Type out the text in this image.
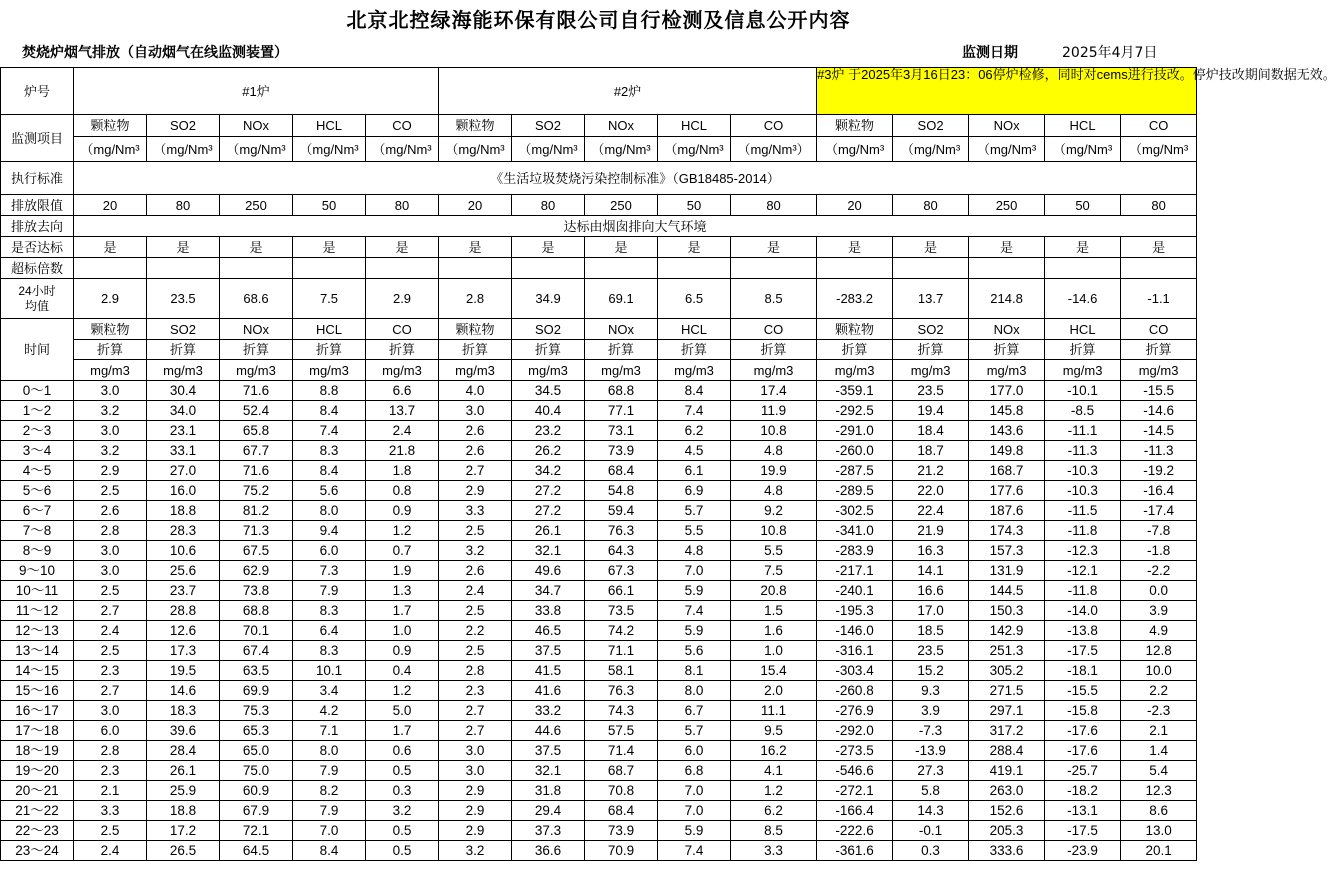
北京北控绿海能环保有限公司自行检测及信息公开内容
焚烧炉烟气排放（自动烟气在线监测装置）	监测日期	2025年4月7日
炉号	#1炉					#2炉					#3炉 于2025年3月16日23：06停炉检修，同时对cems进行技改。停炉技改期间数据无效。				
监测项目	颗粒物	SO2	NOx	HCL	CO	颗粒物	SO2	NOx	HCL	CO	颗粒物	SO2	NOx	HCL	CO
	（mg/Nm³	（mg/Nm³	（mg/Nm³	（mg/Nm³	（mg/Nm³	（mg/Nm³	（mg/Nm³	（mg/Nm³	（mg/Nm³	（mg/Nm³）	（mg/Nm³	（mg/Nm³	（mg/Nm³	（mg/Nm³	（mg/Nm³
执行标准	《生活垃圾焚烧污染控制标准》（GB18485-2014）														
排放限值	20	80	250	50	80	20	80	250	50	80	20	80	250	50	80
排放去向	达标由烟囱排向大气环境														
是否达标	是	是	是	是	是	是	是	是	是	是	是	是	是	是	是
超标倍数															
24小时
均值	2.9	23.5	68.6	7.5	2.9	2.8	34.9	69.1	6.5	8.5	-283.2	13.7	214.8	-14.6	-1.1
时间	颗粒物	SO2	NOx	HCL	CO	颗粒物	SO2	NOx	HCL	CO	颗粒物	SO2	NOx	HCL	CO
	折算	折算	折算	折算	折算	折算	折算	折算	折算	折算	折算	折算	折算	折算	折算
	mg/m3	mg/m3	mg/m3	mg/m3	mg/m3	mg/m3	mg/m3	mg/m3	mg/m3	mg/m3	mg/m3	mg/m3	mg/m3	mg/m3	mg/m3
0～1	3.0	30.4	71.6	8.8	6.6	4.0	34.5	68.8	8.4	17.4	-359.1	23.5	177.0	-10.1	-15.5
1～2	3.2	34.0	52.4	8.4	13.7	3.0	40.4	77.1	7.4	11.9	-292.5	19.4	145.8	-8.5	-14.6
2～3	3.0	23.1	65.8	7.4	2.4	2.6	23.2	73.1	6.2	10.8	-291.0	18.4	143.6	-11.1	-14.5
3～4	3.2	33.1	67.7	8.3	21.8	2.6	26.2	73.9	4.5	4.8	-260.0	18.7	149.8	-11.3	-11.3
4～5	2.9	27.0	71.6	8.4	1.8	2.7	34.2	68.4	6.1	19.9	-287.5	21.2	168.7	-10.3	-19.2
5～6	2.5	16.0	75.2	5.6	0.8	2.9	27.2	54.8	6.9	4.8	-289.5	22.0	177.6	-10.3	-16.4
6～7	2.6	18.8	81.2	8.0	0.9	3.3	27.2	59.4	5.7	9.2	-302.5	22.4	187.6	-11.5	-17.4
7～8	2.8	28.3	71.3	9.4	1.2	2.5	26.1	76.3	5.5	10.8	-341.0	21.9	174.3	-11.8	-7.8
8～9	3.0	10.6	67.5	6.0	0.7	3.2	32.1	64.3	4.8	5.5	-283.9	16.3	157.3	-12.3	-1.8
9～10	3.0	25.6	62.9	7.3	1.9	2.6	49.6	67.3	7.0	7.5	-217.1	14.1	131.9	-12.1	-2.2
10～11	2.5	23.7	73.8	7.9	1.3	2.4	34.7	66.1	5.9	20.8	-240.1	16.6	144.5	-11.8	0.0
11～12	2.7	28.8	68.8	8.3	1.7	2.5	33.8	73.5	7.4	1.5	-195.3	17.0	150.3	-14.0	3.9
12～13	2.4	12.6	70.1	6.4	1.0	2.2	46.5	74.2	5.9	1.6	-146.0	18.5	142.9	-13.8	4.9
13～14	2.5	17.3	67.4	8.3	0.9	2.5	37.5	71.1	5.6	1.0	-316.1	23.5	251.3	-17.5	12.8
14～15	2.3	19.5	63.5	10.1	0.4	2.8	41.5	58.1	8.1	15.4	-303.4	15.2	305.2	-18.1	10.0
15～16	2.7	14.6	69.9	3.4	1.2	2.3	41.6	76.3	8.0	2.0	-260.8	9.3	271.5	-15.5	2.2
16～17	3.0	18.3	75.3	4.2	5.0	2.7	33.2	74.3	6.7	11.1	-276.9	3.9	297.1	-15.8	-2.3
17～18	6.0	39.6	65.3	7.1	1.7	2.7	44.6	57.5	5.7	9.5	-292.0	-7.3	317.2	-17.6	2.1
18～19	2.8	28.4	65.0	8.0	0.6	3.0	37.5	71.4	6.0	16.2	-273.5	-13.9	288.4	-17.6	1.4
19～20	2.3	26.1	75.0	7.9	0.5	3.0	32.1	68.7	6.8	4.1	-546.6	27.3	419.1	-25.7	5.4
20～21	2.1	25.9	60.9	8.2	0.3	2.9	31.8	70.8	7.0	1.2	-272.1	5.8	263.0	-18.2	12.3
21～22	3.3	18.8	67.9	7.9	3.2	2.9	29.4	68.4	7.0	6.2	-166.4	14.3	152.6	-13.1	8.6
22～23	2.5	17.2	72.1	7.0	0.5	2.9	37.3	73.9	5.9	8.5	-222.6	-0.1	205.3	-17.5	13.0
23～24	2.4	26.5	64.5	8.4	0.5	3.2	36.6	70.9	7.4	3.3	-361.6	0.3	333.6	-23.9	20.1
